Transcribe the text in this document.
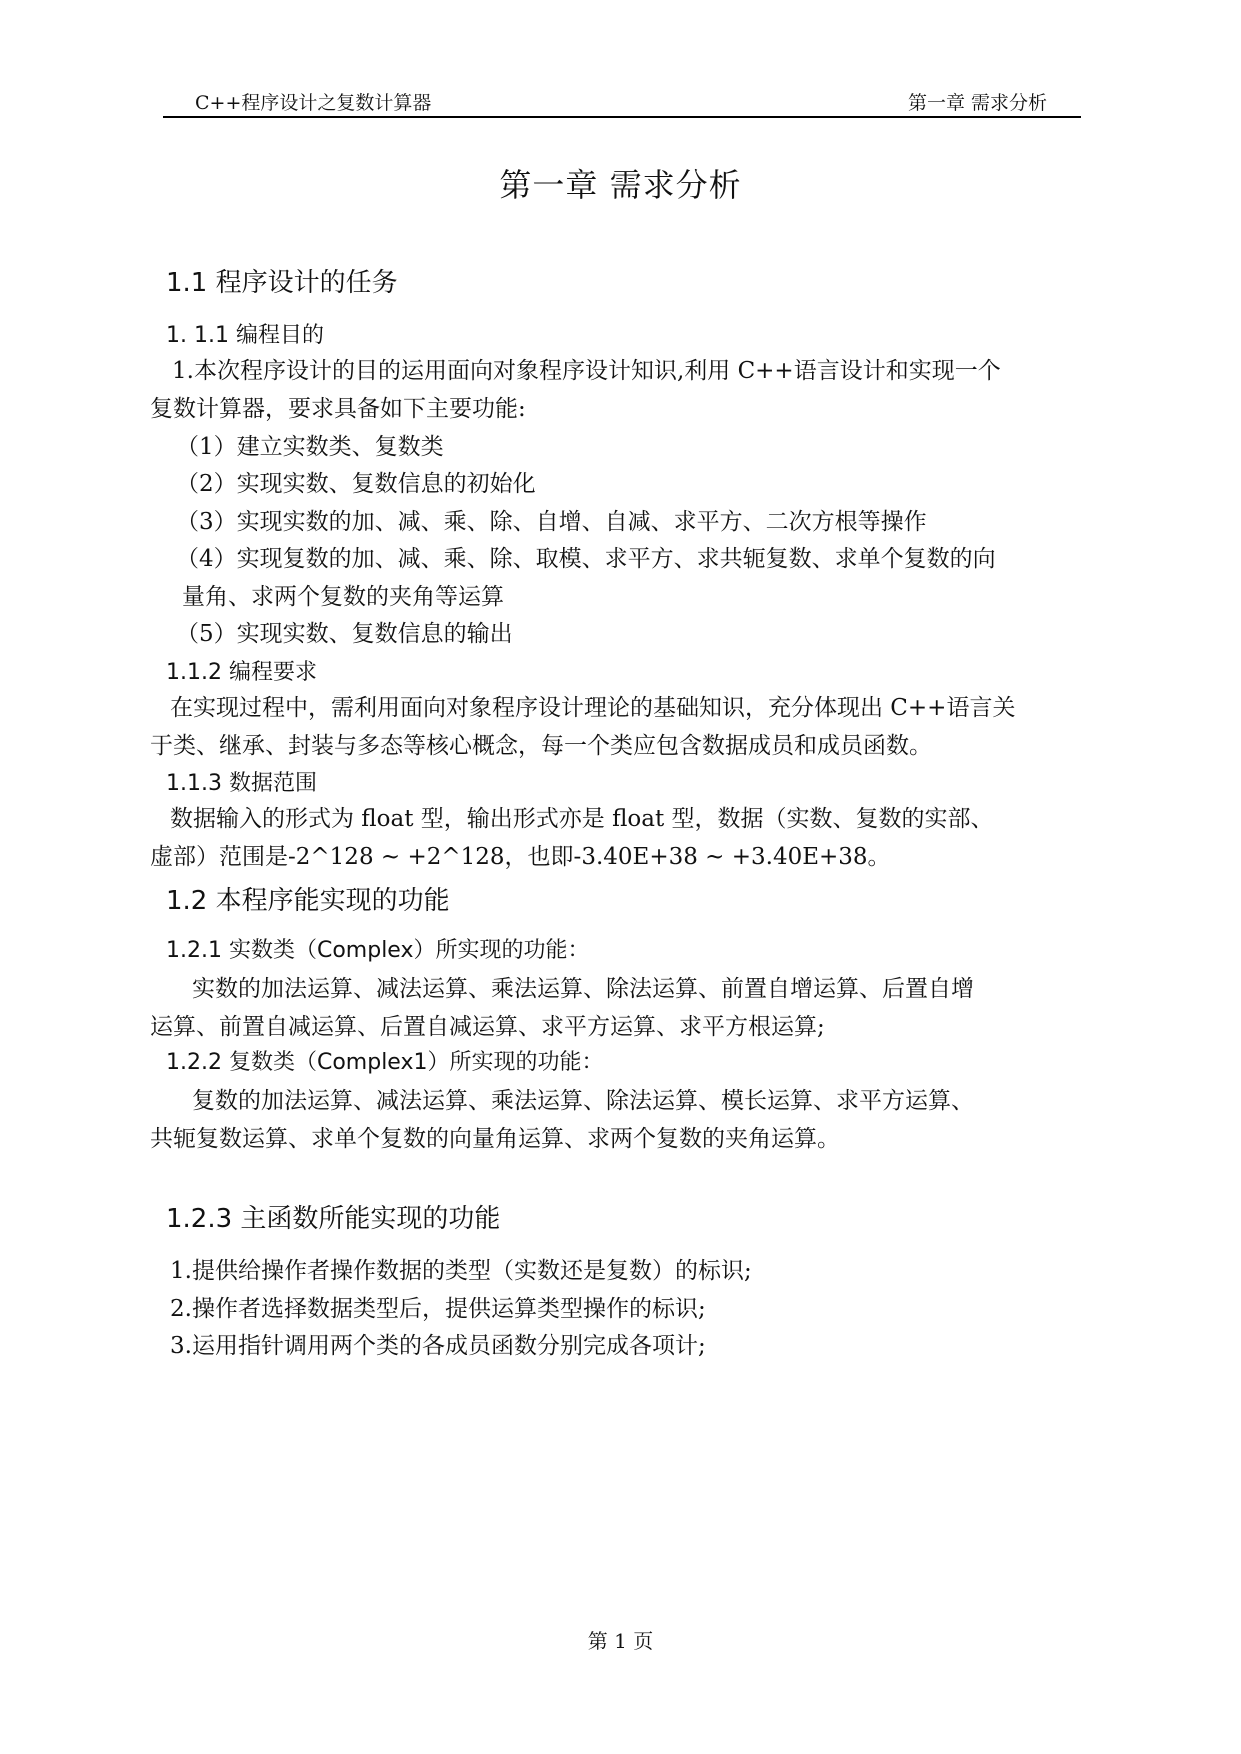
C++程序设计之复数计算器	第一章 需求分析
第一章 需求分析
1.1 程序设计的任务
1. 1.1 编程目的
1.本次程序设计的目的运用面向对象程序设计知识,利用 C++语言设计和实现一个
复数计算器，要求具备如下主要功能:
（1）建立实数类、复数类
（2）实现实数、复数信息的初始化
（3）实现实数的加、减、乘、除、自增、自减、求平方、二次方根等操作
（4）实现复数的加、减、乘、除、取模、求平方、求共轭复数、求单个复数的向
量角、求两个复数的夹角等运算
（5）实现实数、复数信息的输出
1.1.2 编程要求
在实现过程中，需利用面向对象程序设计理论的基础知识，充分体现出 C++语言关
于类、继承、封装与多态等核心概念，每一个类应包含数据成员和成员函数。
1.1.3 数据范围
数据输入的形式为 float 型，输出形式亦是 float 型，数据（实数、复数的实部、
虚部）范围是-2^128 ~ +2^128，也即-3.40E+38 ~ +3.40E+38。
1.2 本程序能实现的功能
1.2.1 实数类（Complex）所实现的功能：
实数的加法运算、减法运算、乘法运算、除法运算、前置自增运算、后置自增
运算、前置自减运算、后置自减运算、求平方运算、求平方根运算;
1.2.2 复数类（Complex1）所实现的功能：
复数的加法运算、减法运算、乘法运算、除法运算、模长运算、求平方运算、
共轭复数运算、求单个复数的向量角运算、求两个复数的夹角运算。
1.2.3 主函数所能实现的功能
1.提供给操作者操作数据的类型（实数还是复数）的标识;
2.操作者选择数据类型后，提供运算类型操作的标识;
3.运用指针调用两个类的各成员函数分别完成各项计;
第 1 页
